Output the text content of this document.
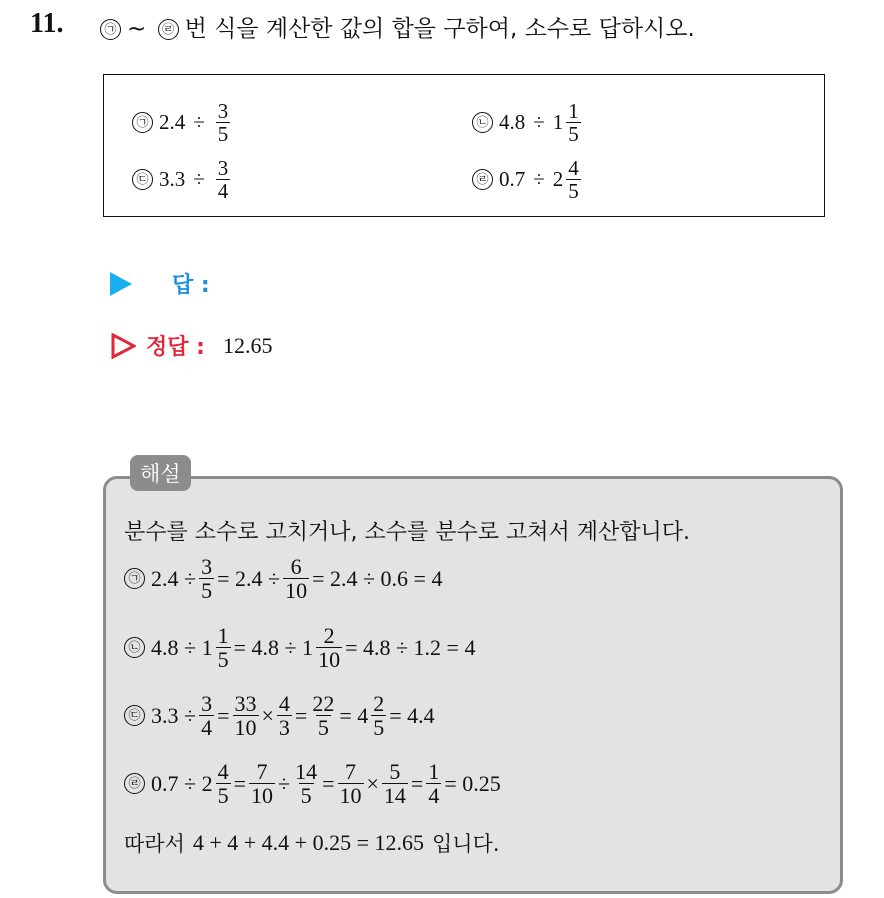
11.	㉠ ~ ㉣ 번 식을 계산한 값의 합을 구하여, 소수로 답하시오.
㉠ $2.4 \div \frac{3}{5}$	㉡ $4.8 \div 1 \frac{1}{5}$
㉢ $3.3 \div \frac{3}{4}$	㉣ $0.7 \div 2 \frac{4}{5}$
답 :
정답 : 12.65
해설
분수를 소수로 고치거나, 소수를 분수로 고쳐서 계산합니다.
㉠ $2.4 \div \frac{3}{5} = 2.4 \div \frac{6}{10} = 2.4 \div 0.6 = 4$
㉡ $4.8 \div 1 \frac{1}{5} = 4.8 \div 1 \frac{2}{10} = 4.8 \div 1.2 = 4$
㉢ $3.3 \div \frac{3}{4} = \frac{33}{10} \times \frac{4}{3} = \frac{22}{5} = 4 \frac{2}{5} = 4.4$
㉣ $0.7 \div 2 \frac{4}{5} = \frac{7}{10} \div \frac{14}{5} = \frac{7}{10} \times \frac{5}{14} = \frac{1}{4} = 0.25$
따라서 4 + 4 + 4.4 + 0.25 = 12.65 입니다.
